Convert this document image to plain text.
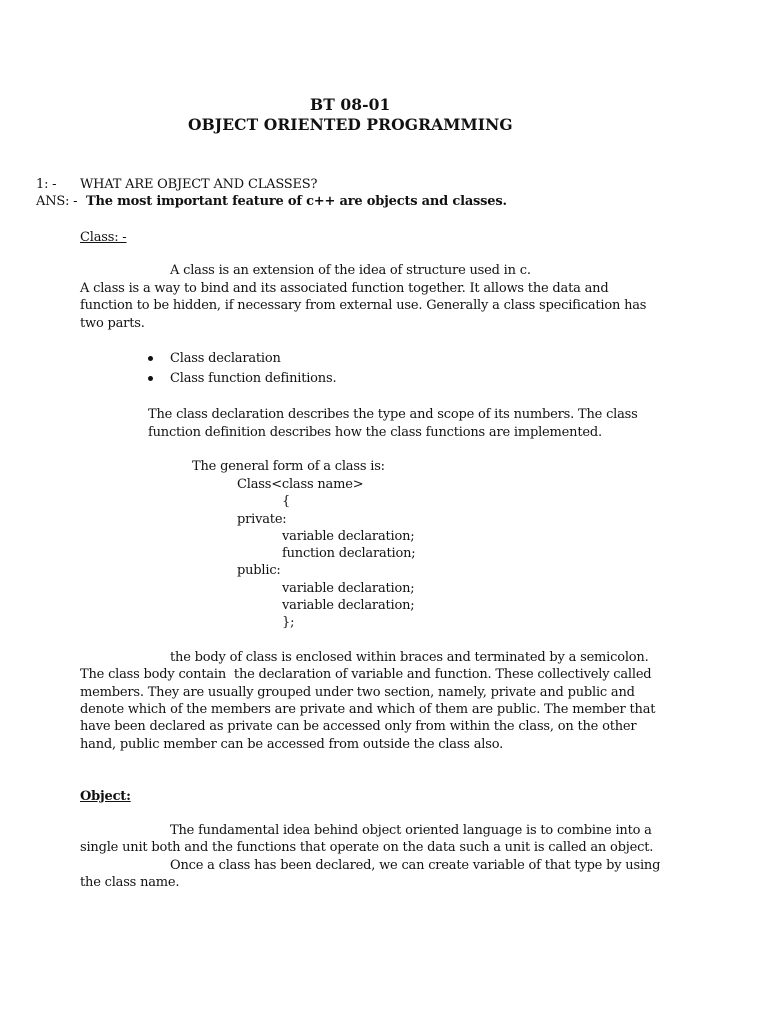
BT 08-01
OBJECT ORIENTED PROGRAMMING
1: - WHAT ARE OBJECT AND CLASSES?
ANS: - The most important feature of c++ are objects and classes.
Class: -
A class is an extension of the idea of structure used in c.
A class is a way to bind and its associated function together. It allows the data and
function to be hidden, if necessary from external use. Generally a class specification has
two parts.
Class declaration
Class function definitions.
The class declaration describes the type and scope of its numbers. The class
function definition describes how the class functions are implemented.
The general form of a class is:
Class<class name>
{
private:
variable declaration;
function declaration;
public:
variable declaration;
variable declaration;
};
the body of class is enclosed within braces and terminated by a semicolon.
The class body contain  the declaration of variable and function. These collectively called
members. They are usually grouped under two section, namely, private and public and
denote which of the members are private and which of them are public. The member that
have been declared as private can be accessed only from within the class, on the other
hand, public member can be accessed from outside the class also.
Object:
The fundamental idea behind object oriented language is to combine into a
single unit both and the functions that operate on the data such a unit is called an object.
Once a class has been declared, we can create variable of that type by using
the class name.
